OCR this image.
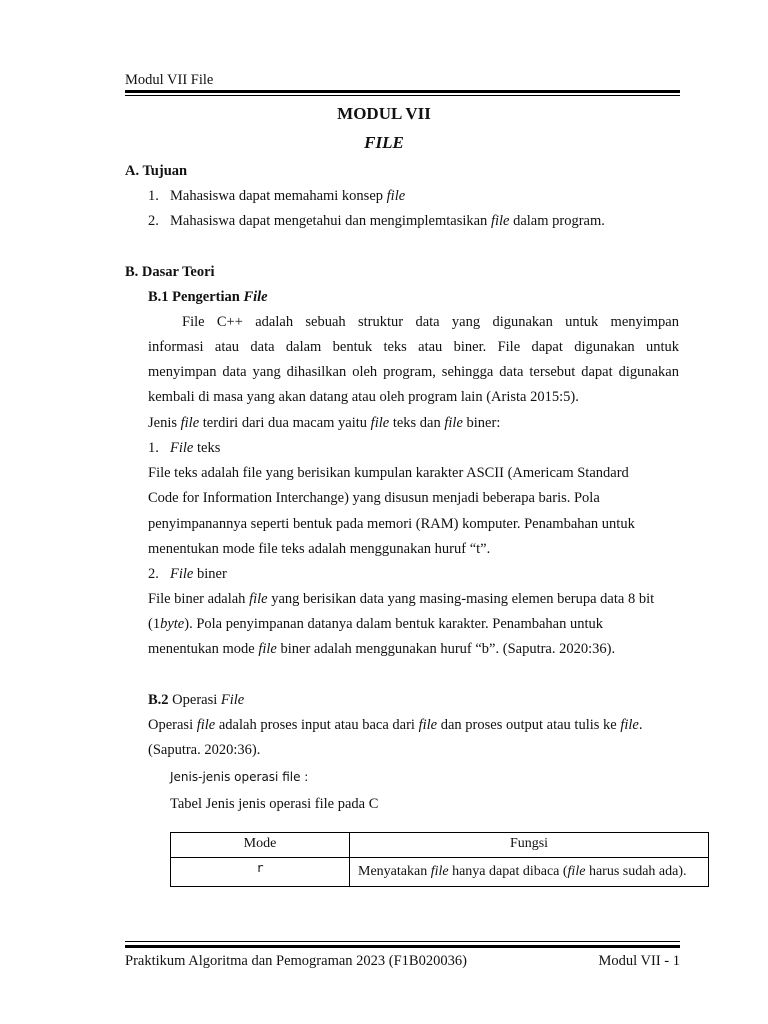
Modul VII File
MODUL VII
FILE
A. Tujuan
1. Mahasiswa dapat memahami konsep file
2. Mahasiswa dapat mengetahui dan mengimplemtasikan file dalam program.
B. Dasar Teori
B.1 Pengertian File
File C++ adalah sebuah struktur data yang digunakan untuk menyimpan
informasi atau data dalam bentuk teks atau biner. File dapat digunakan untuk
menyimpan data yang dihasilkan oleh program, sehingga data tersebut dapat digunakan
kembali di masa yang akan datang atau oleh program lain (Arista 2015:5).
Jenis file terdiri dari dua macam yaitu file teks dan file biner:
1. File teks
File teks adalah file yang berisikan kumpulan karakter ASCII (Americam Standard
Code for Information Interchange) yang disusun menjadi beberapa baris. Pola
penyimpanannya seperti bentuk pada memori (RAM) komputer. Penambahan untuk
menentukan mode file teks adalah menggunakan huruf “t”.
2. File biner
File biner adalah file yang berisikan data yang masing-masing elemen berupa data 8 bit
(1byte). Pola penyimpanan datanya dalam bentuk karakter. Penambahan untuk
menentukan mode file biner adalah menggunakan huruf “b”. (Saputra. 2020:36).
B.2 Operasi File
Operasi file adalah proses input atau baca dari file dan proses output atau tulis ke file.
(Saputra. 2020:36).
Jenis-jenis operasi file :
Tabel Jenis jenis operasi file pada C
Mode	Fungsi
r	Menyatakan file hanya dapat dibaca (file harus sudah ada).
Praktikum Algoritma dan Pemograman 2023 (F1B020036)	Modul VII - 1
